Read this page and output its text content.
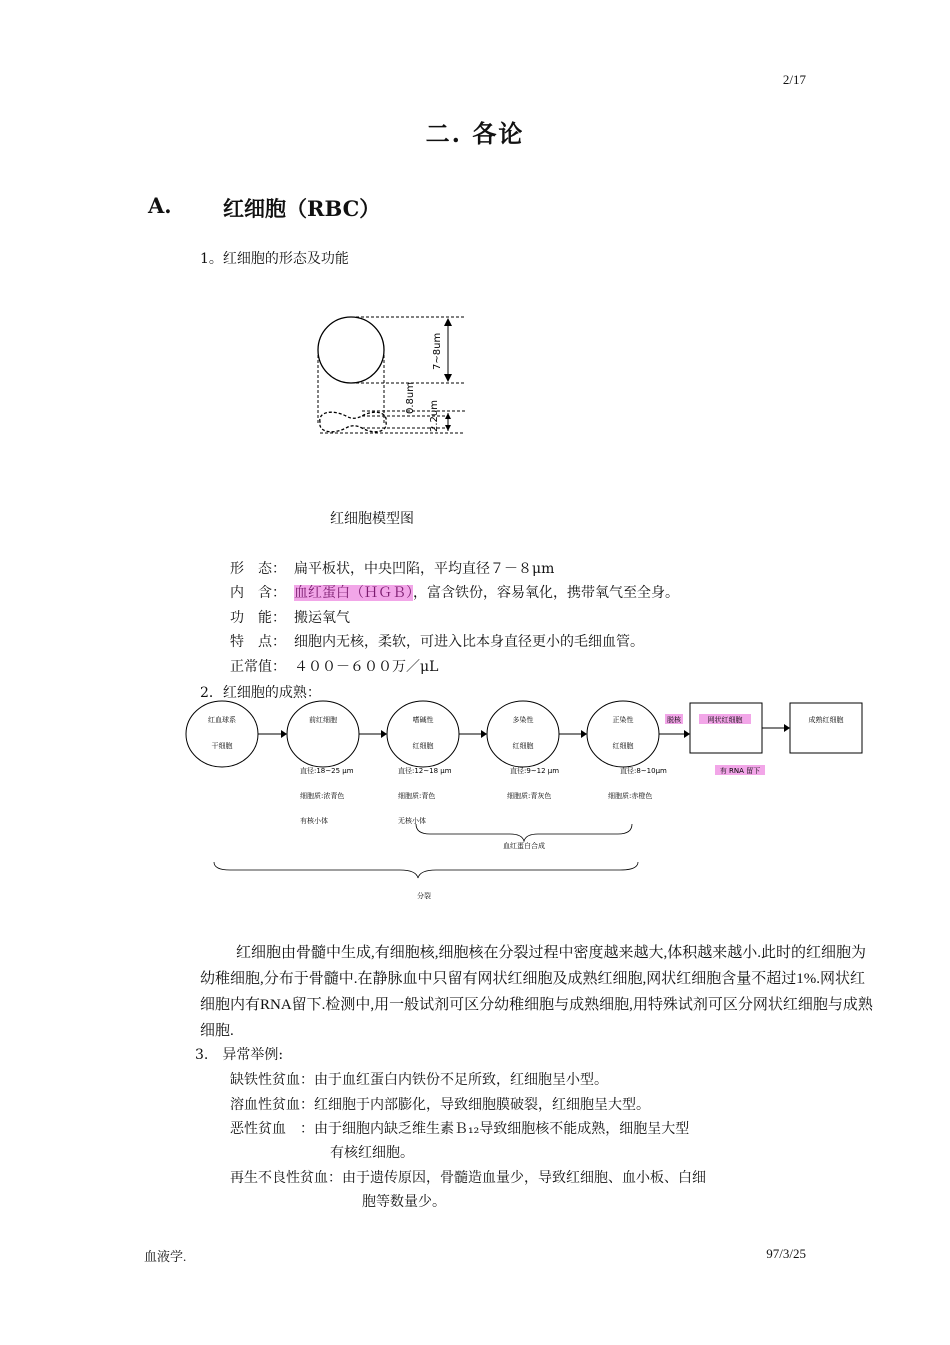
2/17
二. 各论
A. 红细胞（RBC）
1。红细胞的形态及功能
7~8um
0.8um
2.2um
红细胞模型图
形　态： 扁平板状，中央凹陷，平均直径７－８μm
内　含： 血红蛋白（ＨＧＢ），富含铁份，容易氧化，携带氧气至全身。
功　能： 搬运氧气
特　点： 细胞内无核，柔软，可进入比本身直径更小的毛细血管。
正常值： ４００－６００万／μL
2．红细胞的成熟：
红血球系
干细胞
前红细胞	嗜碱性
红细胞
多染性
红细胞
正染性
红细胞
脱核	网状红细胞	成熟红细胞
直径:18~25 μm
细胞质:浓青色
有核小体
直径:12~18 μm
细胞质:青色
无核小体
直径:9~12 μm
细胞质:青灰色
直径:8~10μm
细胞质:赤橙色
有 RNA 留下
血红蛋白合成
分裂
红细胞由骨髓中生成,有细胞核,细胞核在分裂过程中密度越来越大,体积越来越小.此时的红细胞为幼稚细胞,分布于骨髓中.在静脉血中只留有网状红细胞及成熟红细胞,网状红细胞含量不超过1%.网状红细胞内有RNA留下.检测中,用一般试剂可区分幼稚细胞与成熟细胞,用特殊试剂可区分网状红细胞与成熟细胞.
3.　异常举例:
缺铁性贫血：由于血红蛋白内铁份不足所致，红细胞呈小型。
溶血性贫血：红细胞于内部膨化，导致细胞膜破裂，红细胞呈大型。
恶性贫血　：由于细胞内缺乏维生素Ｂ₁₂导致细胞核不能成熟，细胞呈大型
有核红细胞。
再生不良性贫血：由于遗传原因，骨髓造血量少，导致红细胞、血小板、白细
胞等数量少。
血液学.	97/3/25
